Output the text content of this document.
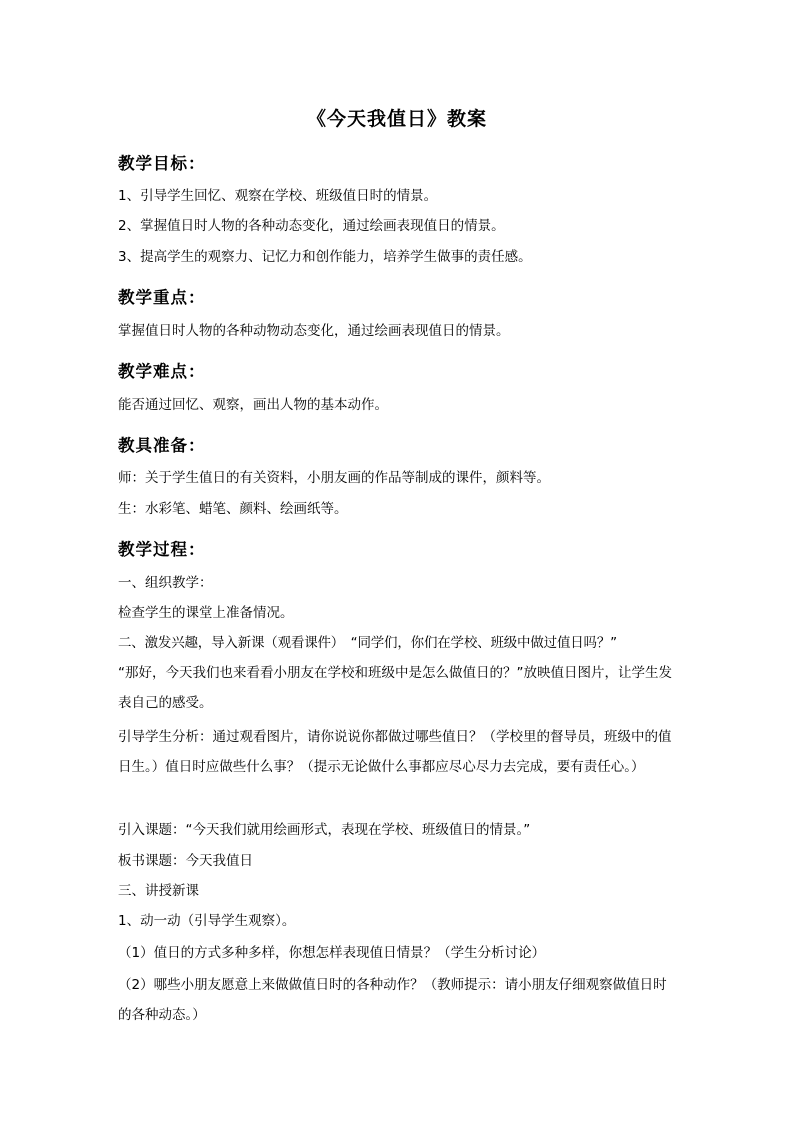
《今天我值日》教案
教学目标：
1、引导学生回忆、观察在学校、班级值日时的情景。
2、掌握值日时人物的各种动态变化，通过绘画表现值日的情景。
3、提高学生的观察力、记忆力和创作能力，培养学生做事的责任感。
教学重点：
掌握值日时人物的各种动物动态变化，通过绘画表现值日的情景。
教学难点：
能否通过回忆、观察，画出人物的基本动作。
教具准备：
师：关于学生值日的有关资料，小朋友画的作品等制成的课件，颜料等。
生：水彩笔、蜡笔、颜料、绘画纸等。
教学过程：
一、组织教学：
检查学生的课堂上准备情况。
二、激发兴趣，导入新课（观看课件）　“同学们，你们在学校、班级中做过值日吗？”
“那好，今天我们也来看看小朋友在学校和班级中是怎么做值日的？”放映值日图片，让学生发表自己的感受。
引导学生分析：通过观看图片，请你说说你都做过哪些值日？（学校里的督导员，班级中的值日生。）值日时应做些什么事？（提示无论做什么事都应尽心尽力去完成，要有责任心。）
引入课题：“今天我们就用绘画形式，表现在学校、班级值日的情景。”
板书课题：今天我值日
三、讲授新课
1、动一动（引导学生观察）。
（1）值日的方式多种多样，你想怎样表现值日情景？（学生分析讨论）
（2）哪些小朋友愿意上来做做值日时的各种动作？（教师提示：请小朋友仔细观察做值日时的各种动态。）
